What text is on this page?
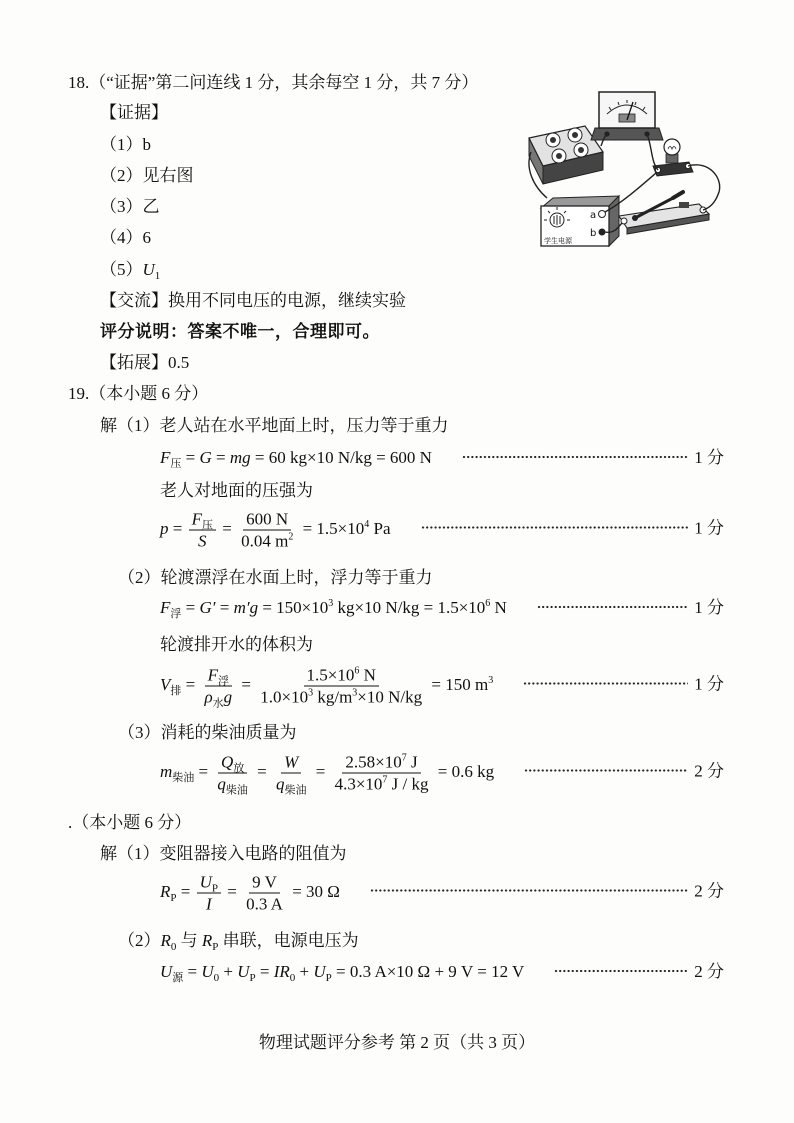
18.（“证据”第二问连线 1 分，其余每空 1 分，共 7 分）
【证据】
（1）b
（2）见右图
（3）乙
（4）6
$(5)U_1$
【交流】换用不同电压的电源，继续实验
评分说明：答案不唯一，合理即可。
【拓展】0.5
a
b
学生电源
19.（本小题 6 分）
解（1）老人站在水平地面上时，压力等于重力
$F_压 = G$ = mg = 60 kg×10 N/kg = 600 N	1 分
老人对地面的压强为
$p = \frac{F_压}{S} = \frac{600 N}{0.04 m^2} = 1.5\times 10^4$ Pa	1 分
（2）轮渡漂浮在水面上时，浮力等于重力
$F_浮 = G' = m'g = 150\times 10^3$ kg×10 $N/kg = 1.5\times 10^6$ N	1 分
轮渡排开水的体积为
$V_排 = \frac{F_浮}{\rho_水g} = \frac{1.5\times 10^6 N}{1.0\times 10^3 kg/m^3\times 10 N/kg} = 150$ $m^3$	1 分
（3）消耗的柴油质量为
$m_{柴油} = \frac{Q_放}{q_{柴油}} = \frac{W}{q_{柴油}} = \frac{2.58\times 10^7 J}{4.3\times 10^7 J / kg} = 0.6$ kg	2 分
.（本小题 6 分）
解（1）变阻器接入电路的阻值为
$R_P = \frac{U_P}{I} = \frac{9 V}{0.3 A} = 30$ Ω	2 分
$(2)R_0$ 与 $R_P$ 串联，电源电压为
$U_源 = U_0 + U_P = IR_0 + U_P = 0.3$ A×10 Ω + 9 V = 12 V	2 分
物理试题评分参考 第 2 页（共 3 页）
